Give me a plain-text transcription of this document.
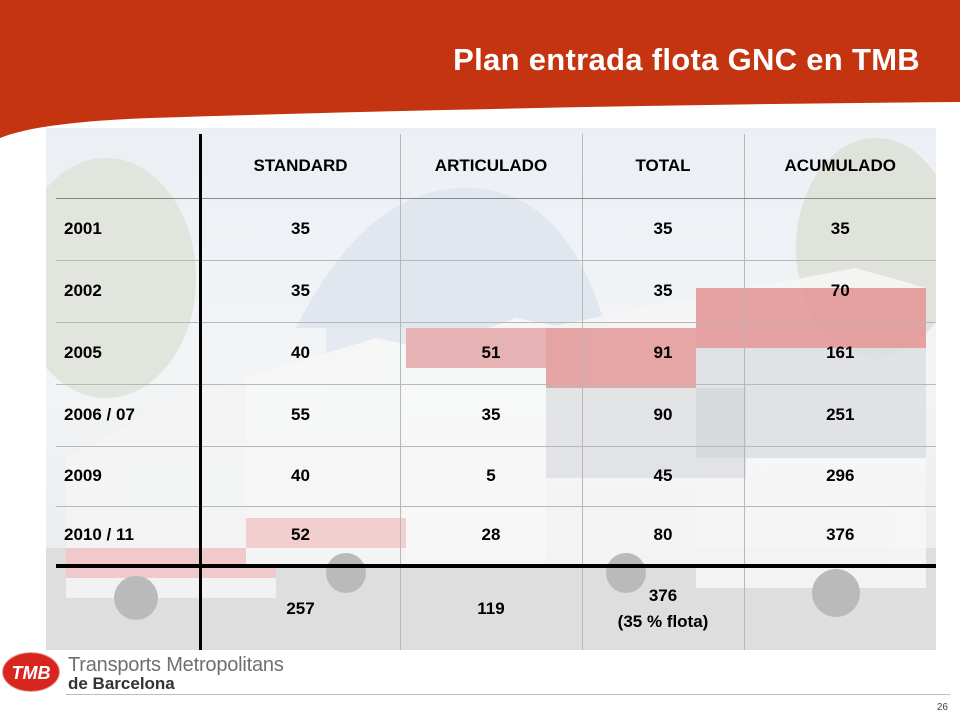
Plan entrada flota GNC en TMB
	STANDARD	ARTICULADO	TOTAL	ACUMULADO
2001	35		35	35
2002	35		35	70
2005	40	51	91	161
2006 / 07	55	35	90	251
2009	40	5	45	296
2010 / 11	52	28	80	376
	257	119	376
(35 % flota)	

TMB Transports Metropolitans
de Barcelona
26
